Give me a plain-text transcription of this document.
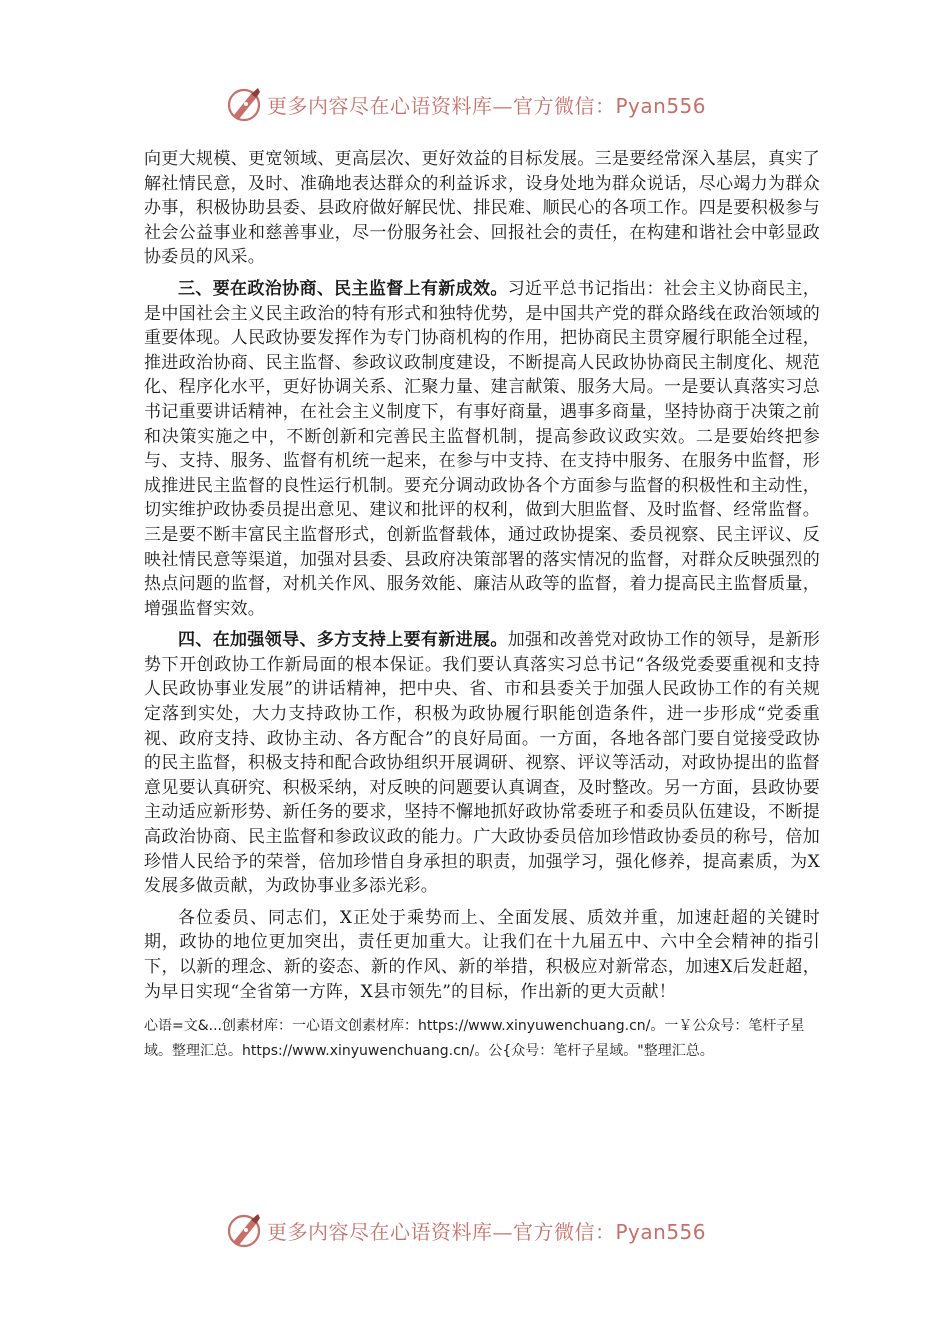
更多内容尽在心语资料库—官方微信：Pyan556

向更大规模、更宽领域、更高层次、更好效益的目标发展。三是要经常深入基层，真实了解社情民意，及时、准确地表达群众的利益诉求，设身处地为群众说话，尽心竭力为群众办事，积极协助县委、县政府做好解民忧、排民难、顺民心的各项工作。四是要积极参与社会公益事业和慈善事业，尽一份服务社会、回报社会的责任，在构建和谐社会中彰显政协委员的风采。

三、要在政治协商、民主监督上有新成效。习近平总书记指出：社会主义协商民主，是中国社会主义民主政治的特有形式和独特优势，是中国共产党的群众路线在政治领域的重要体现。人民政协要发挥作为专门协商机构的作用，把协商民主贯穿履行职能全过程，推进政治协商、民主监督、参政议政制度建设，不断提高人民政协协商民主制度化、规范化、程序化水平，更好协调关系、汇聚力量、建言献策、服务大局。一是要认真落实习总书记重要讲话精神，在社会主义制度下，有事好商量，遇事多商量，坚持协商于决策之前和决策实施之中，不断创新和完善民主监督机制，提高参政议政实效。二是要始终把参与、支持、服务、监督有机统一起来，在参与中支持、在支持中服务、在服务中监督，形成推进民主监督的良性运行机制。要充分调动政协各个方面参与监督的积极性和主动性，切实维护政协委员提出意见、建议和批评的权利，做到大胆监督、及时监督、经常监督。三是要不断丰富民主监督形式，创新监督载体，通过政协提案、委员视察、民主评议、反映社情民意等渠道，加强对县委、县政府决策部署的落实情况的监督，对群众反映强烈的热点问题的监督，对机关作风、服务效能、廉洁从政等的监督，着力提高民主监督质量，增强监督实效。

四、在加强领导、多方支持上要有新进展。加强和改善党对政协工作的领导，是新形势下开创政协工作新局面的根本保证。我们要认真落实习总书记“各级党委要重视和支持人民政协事业发展”的讲话精神，把中央、省、市和县委关于加强人民政协工作的有关规定落到实处，大力支持政协工作，积极为政协履行职能创造条件，进一步形成“党委重视、政府支持、政协主动、各方配合”的良好局面。一方面，各地各部门要自觉接受政协的民主监督，积极支持和配合政协组织开展调研、视察、评议等活动，对政协提出的监督意见要认真研究、积极采纳，对反映的问题要认真调查，及时整改。另一方面，县政协要主动适应新形势、新任务的要求，坚持不懈地抓好政协常委班子和委员队伍建设，不断提高政治协商、民主监督和参政议政的能力。广大政协委员倍加珍惜政协委员的称号，倍加珍惜人民给予的荣誉，倍加珍惜自身承担的职责，加强学习，强化修养，提高素质，为X发展多做贡献，为政协事业多添光彩。

各位委员、同志们，X正处于乘势而上、全面发展、质效并重，加速赶超的关键时期，政协的地位更加突出，责任更加重大。让我们在十九届五中、六中全会精神的指引下，以新的理念、新的姿态、新的作风、新的举措，积极应对新常态，加速X后发赶超，为早日实现“全省第一方阵，X县市领先”的目标，作出新的更大贡献！

心语=文&...创素材库：一心语文创素材库：https://www.xinyuwenchuang.cn/。一￥公众号：笔杆子星域。整理汇总。https://www.xinyuwenchuang.cn/。公{众号：笔杆子星域。"整理汇总。
更多内容尽在心语资料库—官方微信：Pyan556
